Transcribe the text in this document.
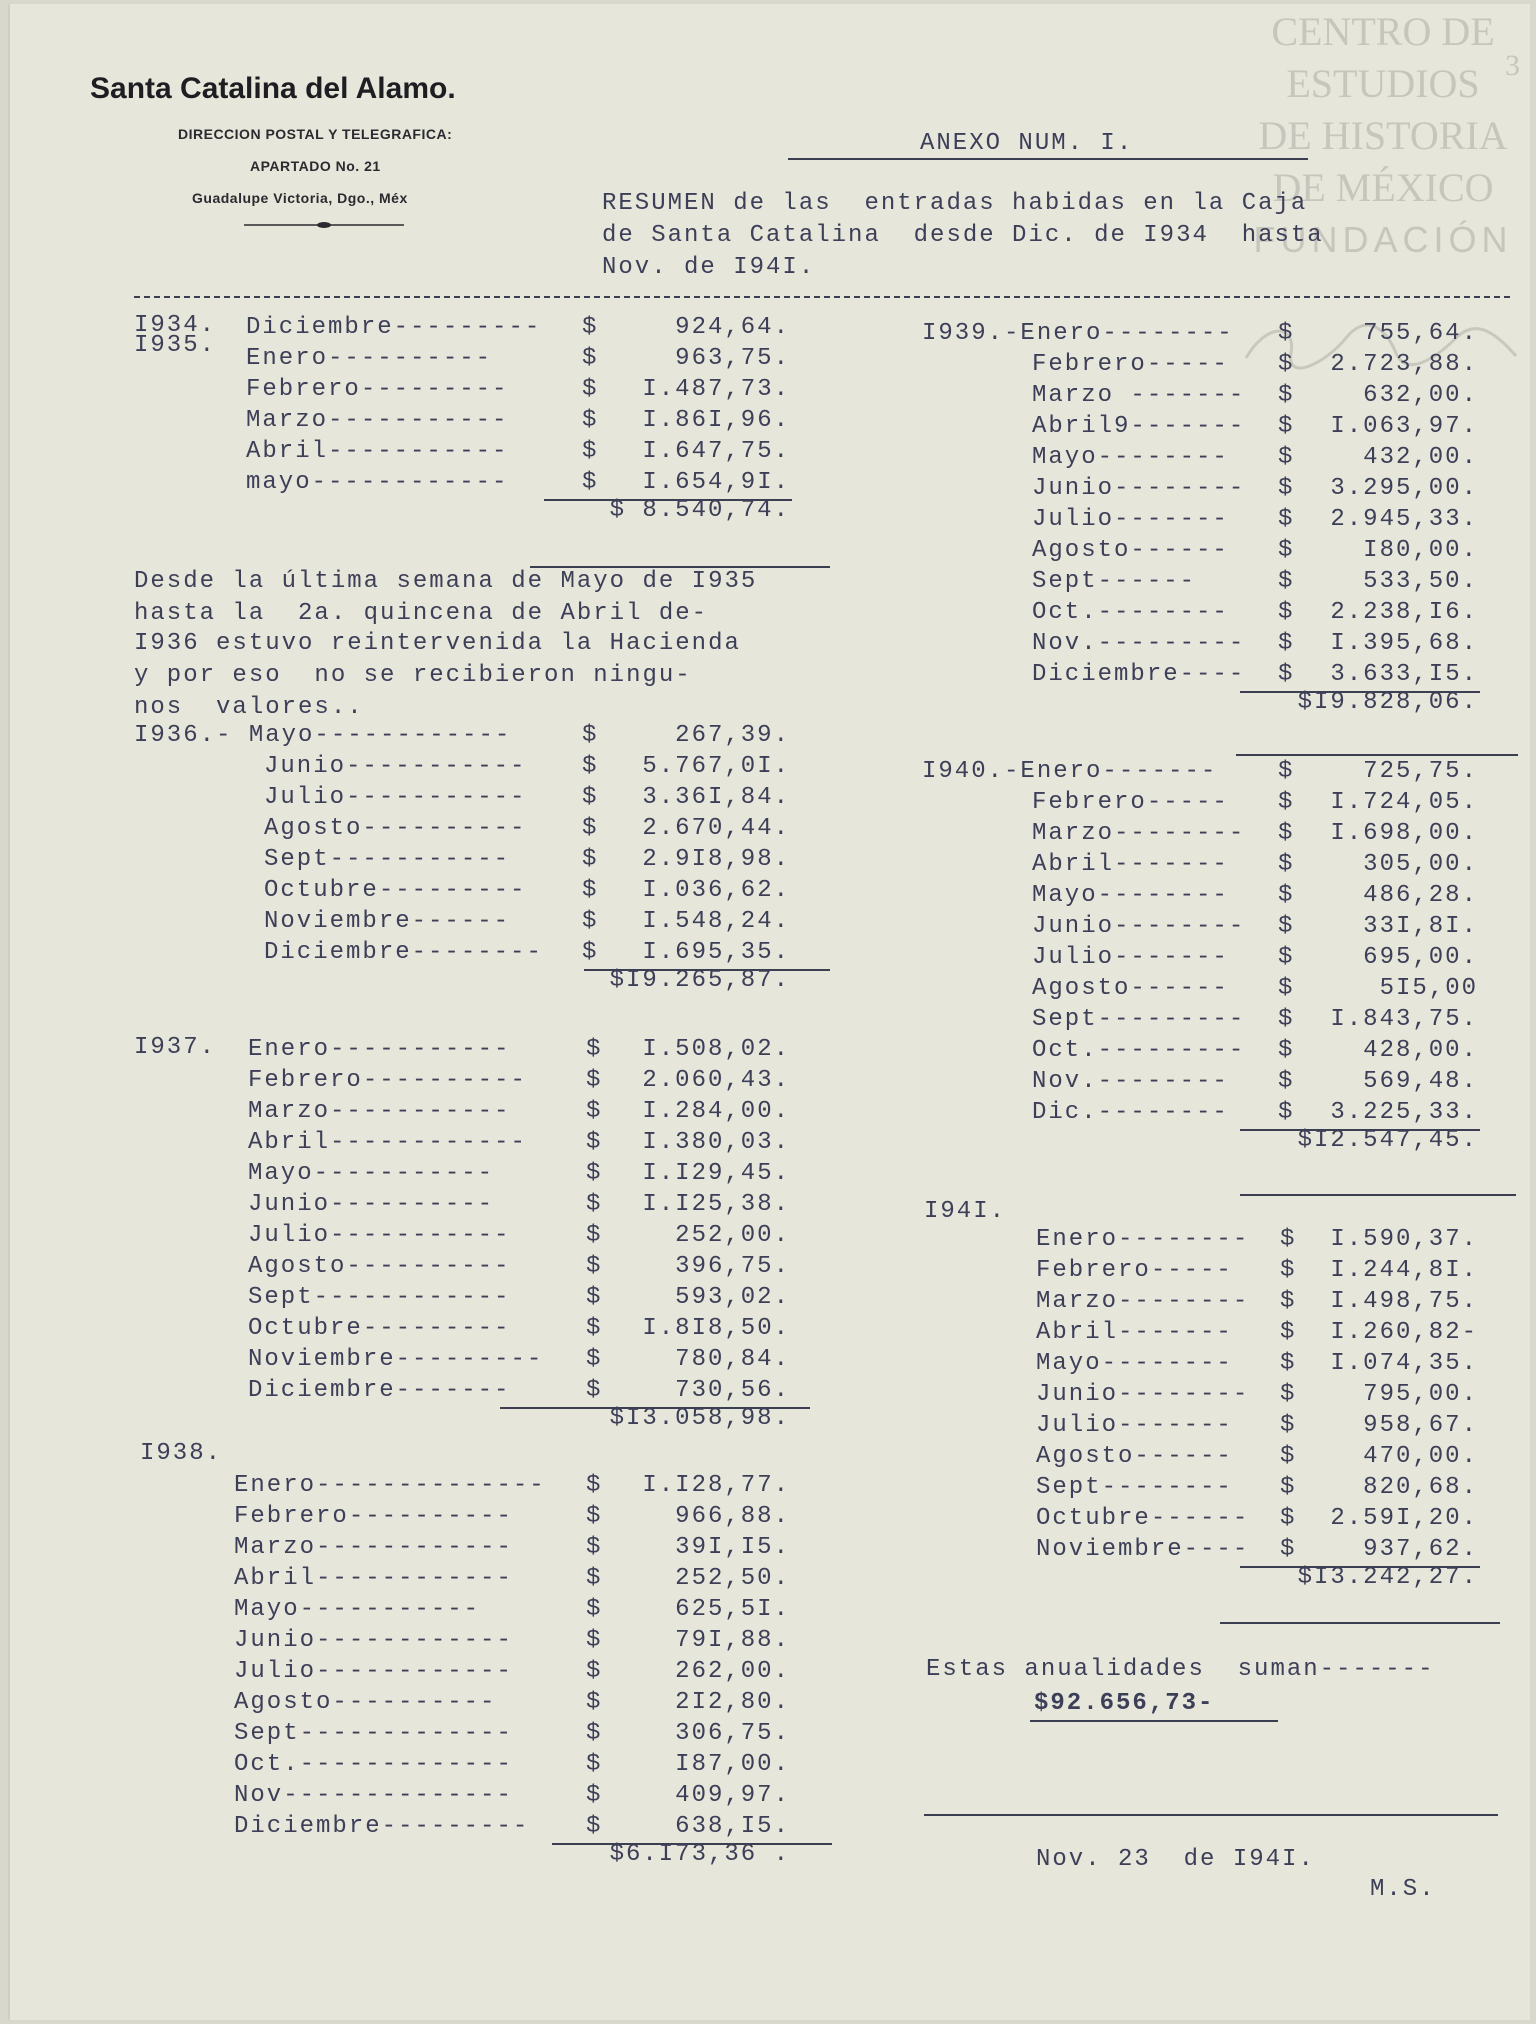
CENTRO DE
ESTUDIOS
DE HISTORIA
DE MÉXICO
FUNDACIÓN
3
Santa Catalina del Alamo.
DIRECCION POSTAL Y TELEGRAFICA:
APARTADO No. 21
Guadalupe Victoria, Dgo., Méx
ANEXO NUM. I.
RESUMEN de las  entradas habidas en la Caja
de Santa Catalina  desde Dic. de I934  hasta
Nov. de I94I.
Desde la última semana de Mayo de I935
hasta la  2a. quincena de Abril de-
I936 estuvo reintervenida la Hacienda
y por eso  no se recibieron ningu-
nos  valores..
Estas anualidades  suman-------
$92.656,73-
Nov. 23  de I94I.
M.S.
I934.
I935.
Diciembre--------- $	924,64.
Enero----------	$	963,75.
Febrero---------	$	I.487,73.
Marzo-----------	$	I.86I,96.
Abril-----------	$	I.647,75.
mayo------------	$	I.654,9I.
$ 8.540,74.
I936.- Mayo------------	$	267,39.
Junio----------- $	5.767,0I.
Julio----------- $	3.36I,84.
Agosto---------- $	2.670,44.
Sept-----------	$	2.9I8,98.
Octubre--------- $	I.036,62.
Noviembre------	$	I.548,24.
Diciembre-------- $	I.695,35.
$I9.265,87.
I937. Enero-----------	$	I.508,02.
Febrero---------- $	2.060,43.
Marzo-----------	$	I.284,00.
Abril------------ $	I.380,03.
Mayo-----------	$	I.I29,45.
Junio----------	$	I.I25,38.
Julio-----------	$	252,00.
Agosto----------	$	396,75.
Sept------------	$	593,02.
Octubre---------	$	I.8I8,50.
Noviembre--------- $	780,84.
Diciembre-------	$	730,56.
$I3.058,98.
I938.
Enero-------------- $	I.I28,77.
Febrero----------	$	966,88.
Marzo------------	$	39I,I5.
Abril------------	$	252,50.
Mayo-----------	$	625,5I.
Junio------------	$	79I,88.
Julio------------	$	262,00.
Agosto----------	$	2I2,80.
Sept-------------	$	306,75.
Oct.-------------	$	I87,00.
Nov--------------	$	409,97.
Diciembre--------- $	638,I5.
$6.I73,36 .
I939.-Enero-------- $	755,64.
Febrero----- $	2.723,88.
Marzo ------- $	632,00.
Abril9------- $	I.063,97.
Mayo-------- $	432,00.
Junio-------- $	3.295,00.
Julio------- $	2.945,33.
Agosto------ $	I80,00.
Sept------	$	533,50.
Oct.-------- $	2.238,I6.
Nov.--------- $	I.395,68.
Diciembre---- $	3.633,I5.
$I9.828,06.
I940.-Enero-------	$	725,75.
Febrero----- $	I.724,05.
Marzo-------- $	I.698,00.
Abril------- $	305,00.
Mayo-------- $	486,28.
Junio-------- $	33I,8I.
Julio------- $	695,00.
Agosto------ $	5I5,00
Sept--------- $	I.843,75.
Oct.--------- $	428,00.
Nov.-------- $	569,48.
Dic.-------- $	3.225,33.
$I2.547,45.
I94I.
Enero-------- $	I.590,37.
Febrero----- $	I.244,8I.
Marzo-------- $	I.498,75.
Abril------- $	I.260,82-
Mayo-------- $	I.074,35.
Junio-------- $	795,00.
Julio------- $	958,67.
Agosto------ $	470,00.
Sept-------- $	820,68.
Octubre------ $	2.59I,20.
Noviembre---- $	937,62.
$I3.242,27.
